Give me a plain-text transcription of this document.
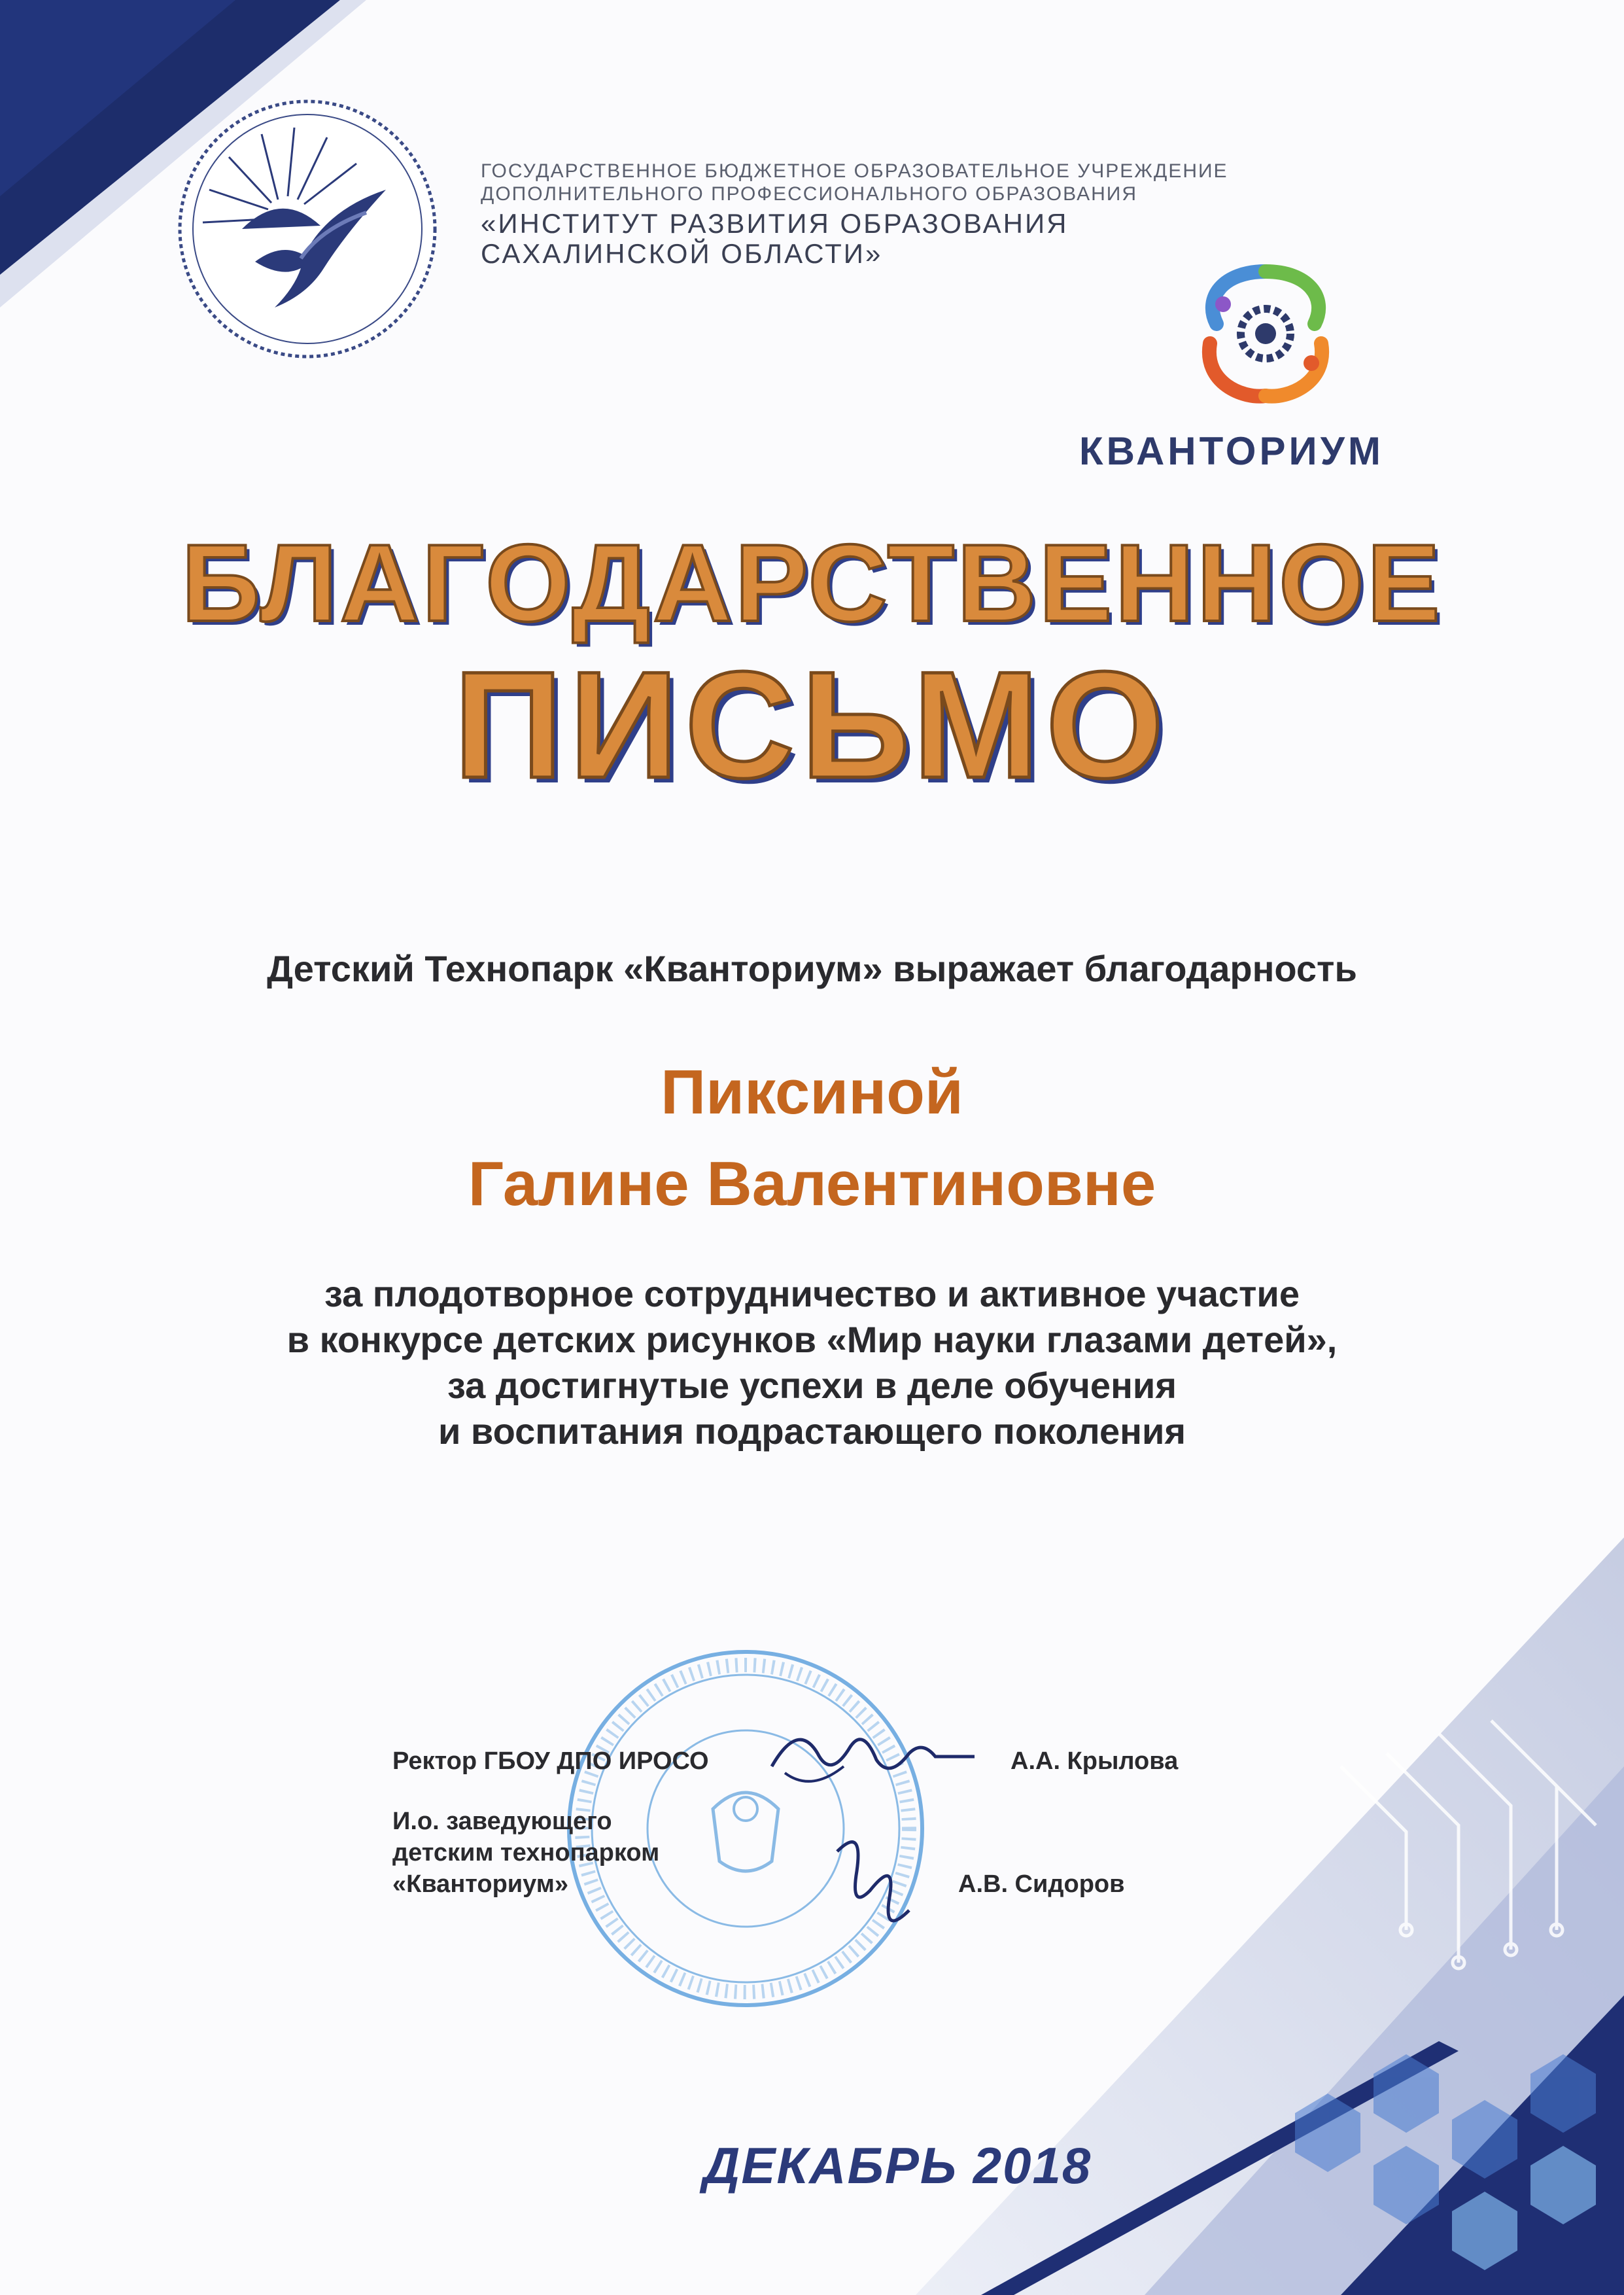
ГОСУДАРСТВЕННОЕ БЮДЖЕТНОЕ ОБРАЗОВАТЕЛЬНОЕ УЧРЕЖДЕНИЕ
ДОПОЛНИТЕЛЬНОГО ПРОФЕССИОНАЛЬНОГО ОБРАЗОВАНИЯ
«ИНСТИТУТ РАЗВИТИЯ ОБРАЗОВАНИЯ
САХАЛИНСКОЙ ОБЛАСТИ»
КВАНТОРИУМ
БЛАГОДАРСТВЕННОЕ
ПИСЬМО
Детский Технопарк «Кванториум» выражает благодарность
Пиксиной
Галине Валентиновне
за плодотворное сотрудничество и активное участие
в конкурсе детских рисунков «Мир науки глазами детей»,
за достигнутые успехи в деле обучения
и воспитания подрастающего поколения
Ректор ГБОУ ДПО ИРОСО	А.А. Крылова
И.о. заведующего
детским технопарком
«Кванториум»	А.В. Сидоров
ДЕКАБРЬ 2018
